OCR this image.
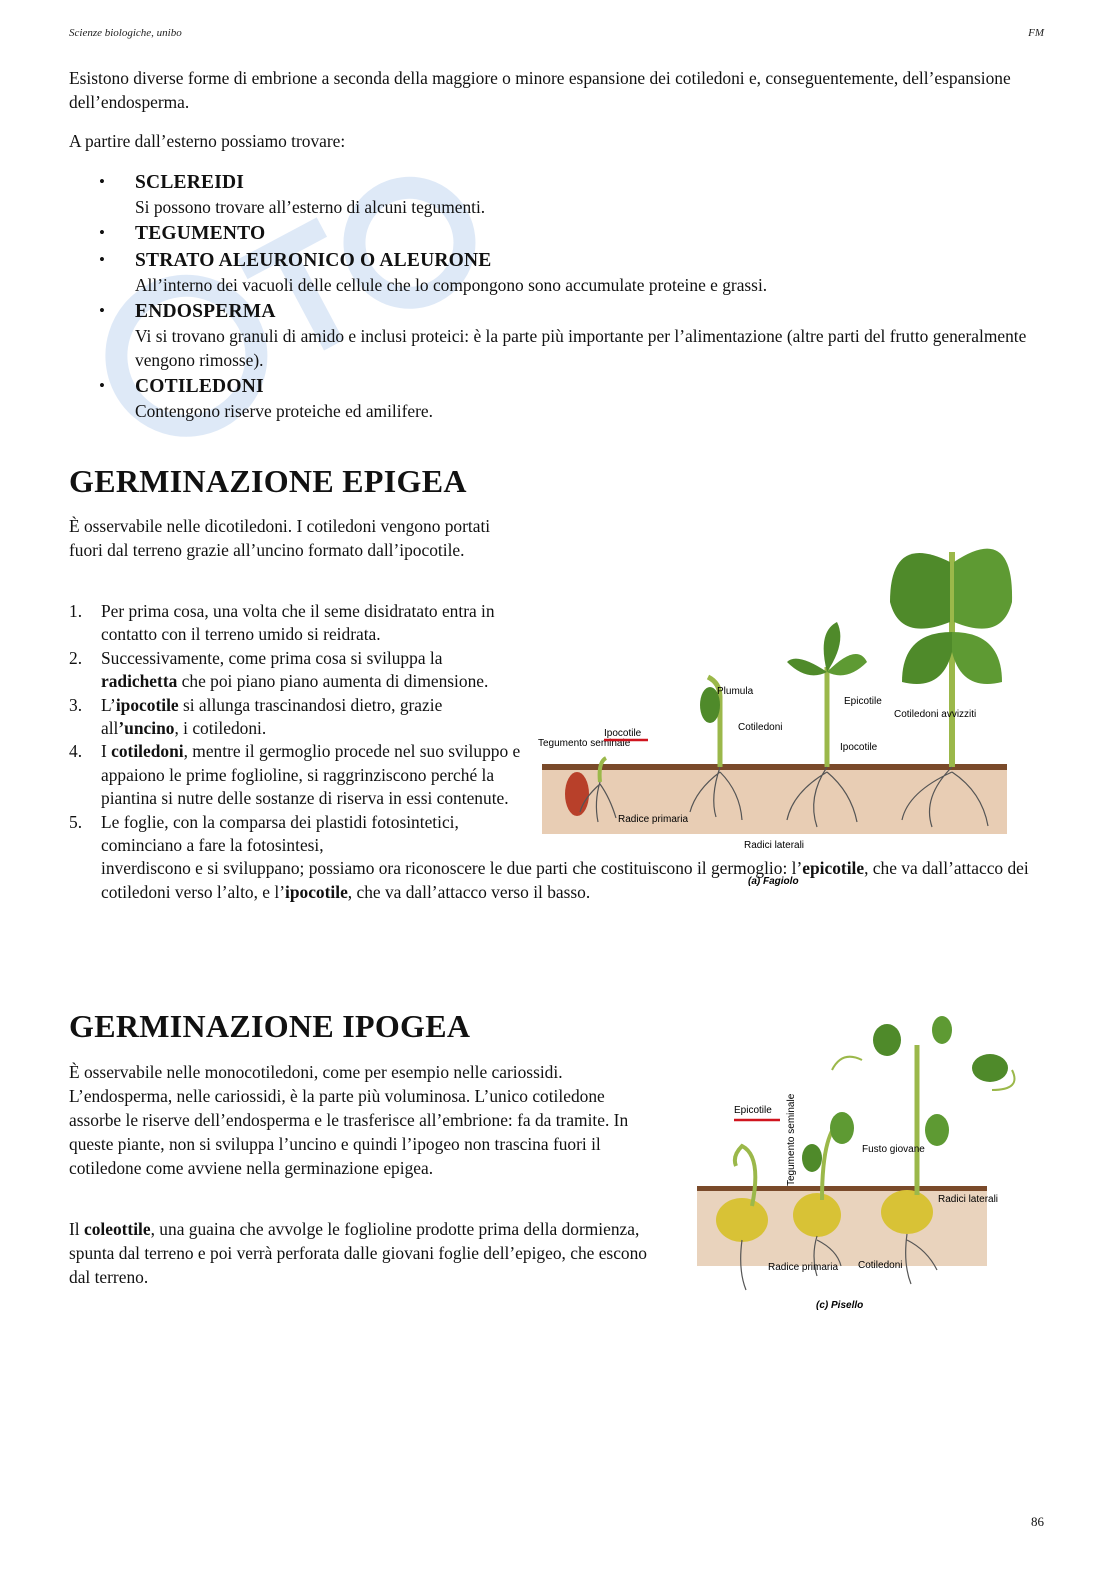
Scienze biologiche, unibo	FM

Esistono diverse forme di embrione a seconda della maggiore o minore espansione dei cotiledoni e, conseguentemente, dell’espansione dell’endosperma.

A partire dall’esterno possiamo trovare:

• SCLEREIDI
Si possono trovare all’esterno di alcuni tegumenti.
• TEGUMENTO
• STRATO ALEURONICO O ALEURONE
All’interno dei vacuoli delle cellule che lo compongono sono accumulate proteine e grassi.
• ENDOSPERMA
Vi si trovano granuli di amido e inclusi proteici: è la parte più importante per l’alimentazione (altre parti del frutto generalmente vengono rimosse).
• COTILEDONI
Contengono riserve proteiche ed amilifere.
GERMINAZIONE EPIGEA

È osservabile nelle dicotiledoni. I cotiledoni vengono portati fuori dal terreno grazie all’uncino formato dall’ipocotile.

1. Per prima cosa, una volta che il seme disidratato entra in contatto con il terreno umido si reidrata.
2. Successivamente, come prima cosa si sviluppa la radichetta che poi piano piano aumenta di dimensione.
3. L’ipocotile si allunga trascinandosi dietro, grazie all’uncino, i cotiledoni.
4. I cotiledoni, mentre il germoglio procede nel suo sviluppo e appaiono le prime foglioline, si raggrinziscono perché la piantina si nutre delle sostanze di riserva in essi contenute.
5. Le foglie, con la comparsa dei plastidi fotosintetici, cominciano a fare la fotosintesi,
inverdiscono e si sviluppano; possiamo ora riconoscere le due parti che costituiscono il germoglio: l’epicotile, che va dall’attacco dei cotiledoni verso l’alto, e l’ipocotile, che va dall’attacco verso il basso.
Tegumento seminale
Ipocotile
Plumula
Cotiledoni
Epicotile
Ipocotile
Cotiledoni avvizziti
Radice primaria
Radici laterali
(a) Fagiolo
GERMINAZIONE IPOGEA

È osservabile nelle monocotiledoni, come per esempio nelle cariossidi. L’endosperma, nelle cariossidi, è la parte più voluminosa. L’unico cotiledone assorbe le riserve dell’endosperma e le trasferisce all’embrione: fa da tramite. In queste piante, non si sviluppa l’uncino e quindi l’ipogeo non trascina fuori il cotiledone come avviene nella germinazione epigea.

Il coleottile, una guaina che avvolge le foglioline prodotte prima della dormienza, spunta dal terreno e poi verrà perforata dalle giovani foglie dell’epigeo, che escono dal terreno.

Epicotile Tegumento seminale	Fusto giovane
Radici laterali
Radice primaria Cotiledoni
(c) Pisello
86
